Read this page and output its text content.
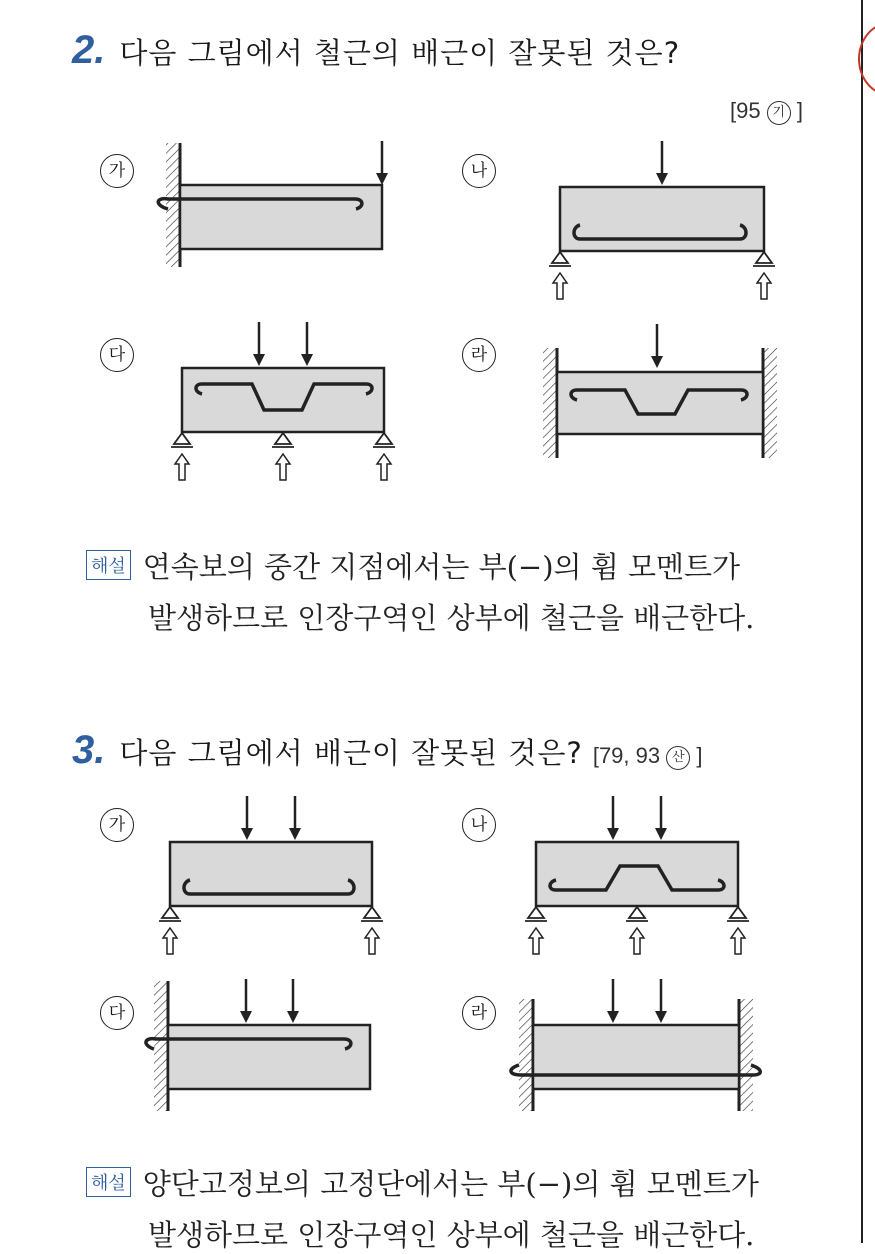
2. 다음 그림에서 철근의 배근이 잘못된 것은?
[95 기 ]
가	나
다	라
해설 연속보의 중간 지점에서는 부(−)의 휨 모멘트가
발생하므로 인장구역인 상부에 철근을 배근한다.
3. 다음 그림에서 배근이 잘못된 것은? [79, 93 산 ]
가	나
다	라
해설 양단고정보의 고정단에서는 부(−)의 휨 모멘트가
발생하므로 인장구역인 상부에 철근을 배근한다.
